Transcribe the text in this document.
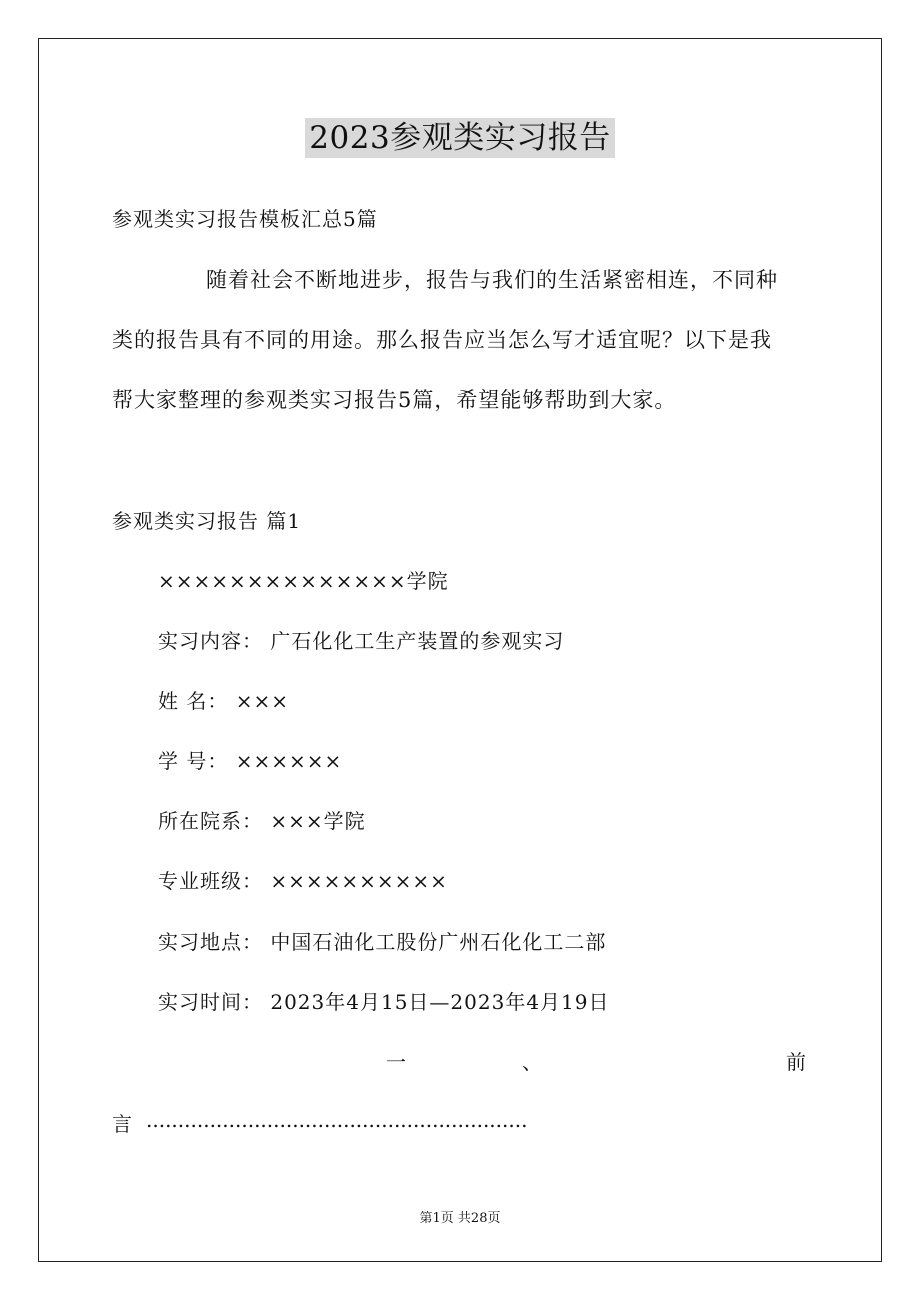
2023参观类实习报告
参观类实习报告模板汇总5篇
随着社会不断地进步，报告与我们的生活紧密相连，不同种
类的报告具有不同的用途。那么报告应当怎么写才适宜呢？以下是我
帮大家整理的参观类实习报告5篇，希望能够帮助到大家。
参观类实习报告 篇1
××××××××××××××学院
实习内容： 广石化化工生产装置的参观实习
姓 名： ×××
学 号： ××××××
所在院系： ×××学院
专业班级： ××××××××××
实习地点： 中国石油化工股份广州石化化工二部
实习时间： 2023年4月15日—2023年4月19日
一	、	前
言 ............................................................
第1页 共28页
